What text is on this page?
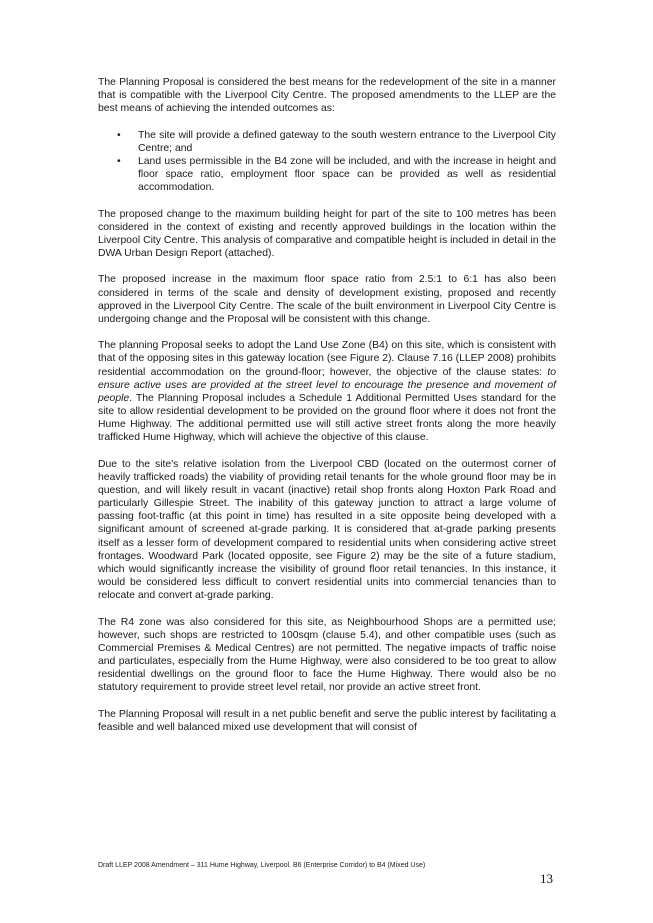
The Planning Proposal is considered the best means for the redevelopment of the site in a manner that is compatible with the Liverpool City Centre. The proposed amendments to the LLEP are the best means of achieving the intended outcomes as:

• The site will provide a defined gateway to the south western entrance to the Liverpool City Centre; and
• Land uses permissible in the B4 zone will be included, and with the increase in height and floor space ratio, employment floor space can be provided as well as residential accommodation.

The proposed change to the maximum building height for part of the site to 100 metres has been considered in the context of existing and recently approved buildings in the location within the Liverpool City Centre. This analysis of comparative and compatible height is included in detail in the DWA Urban Design Report (attached).

The proposed increase in the maximum floor space ratio from 2.5:1 to 6:1 has also been considered in terms of the scale and density of development existing, proposed and recently approved in the Liverpool City Centre. The scale of the built environment in Liverpool City Centre is undergoing change and the Proposal will be consistent with this change.

The planning Proposal seeks to adopt the Land Use Zone (B4) on this site, which is consistent with that of the opposing sites in this gateway location (see Figure 2). Clause 7.16 (LLEP 2008) prohibits residential accommodation on the ground-floor; however, the objective of the clause states: to ensure active uses are provided at the street level to encourage the presence and movement of people. The Planning Proposal includes a Schedule 1 Additional Permitted Uses standard for the site to allow residential development to be provided on the ground floor where it does not front the Hume Highway. The additional permitted use will still active street fronts along the more heavily trafficked Hume Highway, which will achieve the objective of this clause.

Due to the site's relative isolation from the Liverpool CBD (located on the outermost corner of heavily trafficked roads) the viability of providing retail tenants for the whole ground floor may be in question, and will likely result in vacant (inactive) retail shop fronts along Hoxton Park Road and particularly Gillespie Street. The inability of this gateway junction to attract a large volume of passing foot-traffic (at this point in time) has resulted in a site opposite being developed with a significant amount of screened at-grade parking. It is considered that at-grade parking presents itself as a lesser form of development compared to residential units when considering active street frontages. Woodward Park (located opposite, see Figure 2) may be the site of a future stadium, which would significantly increase the visibility of ground floor retail tenancies. In this instance, it would be considered less difficult to convert residential units into commercial tenancies than to relocate and convert at-grade parking.

The R4 zone was also considered for this site, as Neighbourhood Shops are a permitted use; however, such shops are restricted to 100sqm (clause 5.4), and other compatible uses (such as Commercial Premises & Medical Centres) are not permitted. The negative impacts of traffic noise and particulates, especially from the Hume Highway, were also considered to be too great to allow residential dwellings on the ground floor to face the Hume Highway. There would also be no statutory requirement to provide street level retail, nor provide an active street front.

The Planning Proposal will result in a net public benefit and serve the public interest by facilitating a feasible and well balanced mixed use development that will consist of

Draft LLEP 2008 Amendment – 311 Hume Highway, Liverpool. B6 (Enterprise Corridor) to B4 (Mixed Use)
13
